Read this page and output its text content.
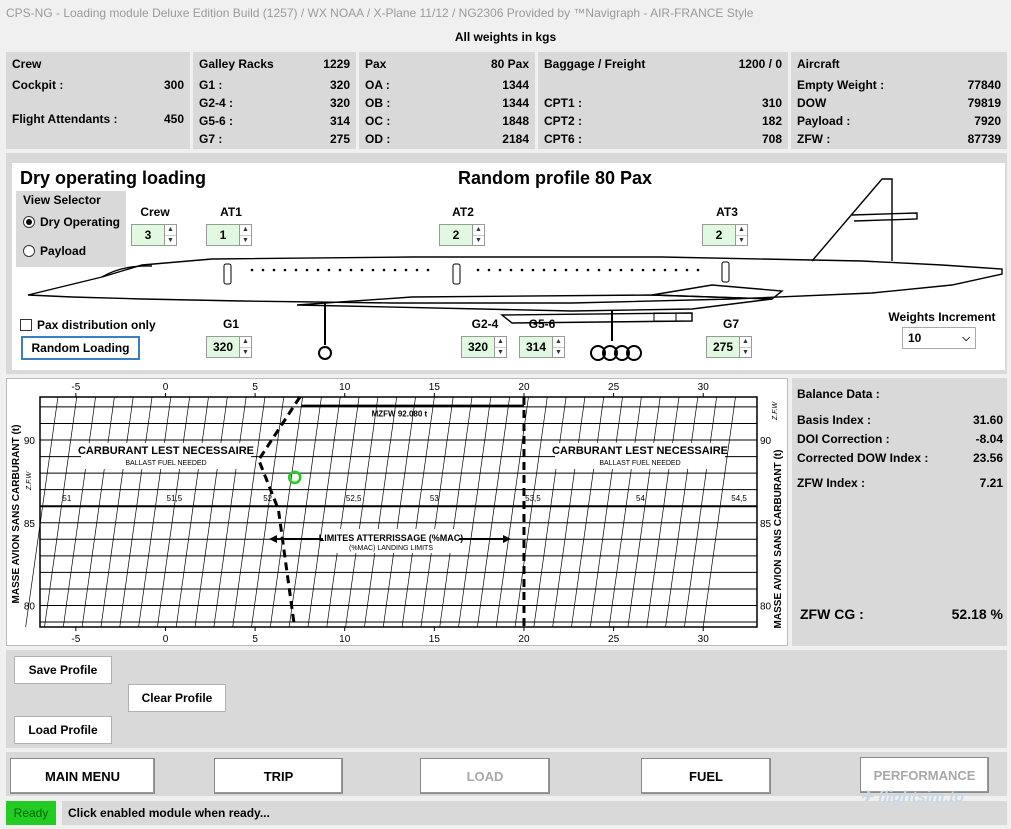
CPS-NG - Loading module Deluxe Edition Build (1257) / WX NOAA / X-Plane 11/12 / NG2306 Provided by ™Navigraph - AIR-FRANCE Style
All weights in kgs
Crew
Cockpit :	300
Flight Attendants :	450
Galley Racks	1229
G1 :	320
G2-4 :	320
G5-6 :	314
G7 :	275
Pax	80 Pax
OA :	1344
OB :	1344
OC :	1848
OD :	2184
Baggage / Freight	1200 / 0
CPT1 :	310
CPT2 :	182
CPT6 :	708
Aircraft
Empty Weight :	77840
DOW	79819
Payload :	7920
ZFW :	87739
Dry operating loading	Random profile 80 Pax
View Selector
Dry Operating
Payload
Crew
3	▲
▼
AT1
1	▲
▼
AT2
2	▲
▼
AT3
2	▲
▼
Pax distribution only
Random Loading
G1
320	▲
▼
G2-4
320	▲
▼
G5-6
314	▲
▼
G7
275	▲
▼
Weights Increment
10	⌵
MZFW 92.080 t
-5	0	5	10	15	20	25	30
-5	0	5	10	15	20	25	30
90
85
80
90
85
80
51	51,5	52	52,5	53	53,5	54	54,5
MASSE AVION SANS CARBURANT (t)	MASSE AVION SANS CARBURANT (t)
Z.F.W
Z.F.W
CARBURANT LEST NECESSAIRE
BALLAST FUEL NEEDED
CARBURANT LEST NECESSAIRE
BALLAST FUEL NEEDED
LIMITES ATTERRISSAGE (%MAC)
(%MAC) LANDING LIMITS
Balance Data :
Basis Index :	31.60
DOI Correction :	-8.04
Corrected DOW Index :	23.56
ZFW Index :	7.21
ZFW CG :	52.18 %
Save Profile
Clear Profile
Load Profile
MAIN MENU	TRIP	LOAD	FUEL	PERFORMANCE
Ready	Click enabled module when ready...
✈ flightsim.to
